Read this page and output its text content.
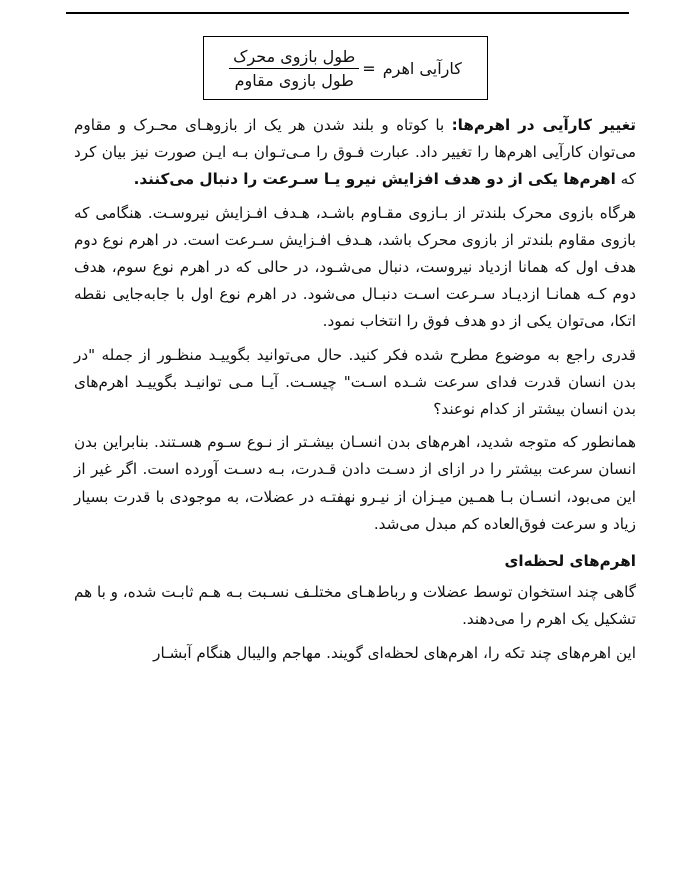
کارآیی اهرم
=
$\frac{\text{طول بازوی محرک}}{\text{طول بازوی مقاوم}}$

تغییر کارآیی در اهرم‌ها: با کوتاه و بلند شدن هر یک از بازوهـای محـرک و مقاوم می‌توان کارآیی اهرم‌ها را تغییر داد. عبارت فـوق را مـی‌تـوان بـه ایـن صورت نیز بیان کرد که اهرم‌ها یکی از دو هدف افزایش نیرو یـا سـرعت را دنبال می‌کنند.

هرگاه بازوی محرک بلندتر از بـازوی مقـاوم باشـد، هـدف افـزایش نیروسـت. هنگامی که بازوی مقاوم بلندتر از بازوی محرک باشد، هـدف افـزایش سـرعت است. در اهرم نوع دوم هدف اول که همانا ازدیاد نیروست، دنبال می‌شـود، در حالی که در اهرم نوع سوم، هدف دوم کـه همانـا ازدیـاد سـرعت اسـت دنبـال می‌شود. در اهرم نوع اول با جابه‌جایی نقطه اتکا، می‌توان یکی از دو هدف فوق را انتخاب نمود.

قدری راجع به موضوع مطرح شده فکر کنید. حال می‌توانید بگوییـد منظـور از جمله "در بدن انسان قدرت فدای سرعت شـده اسـت" چیسـت. آیـا مـی توانیـد بگوییـد اهرم‌های بدن انسان بیشتر از کدام نوعند؟

همانطور که متوجه شدید، اهرم‌های بدن انسـان بیشـتر از نـوع سـوم هسـتند. بنابراین بدن انسان سرعت بیشتر را در ازای از دسـت دادن قـدرت، بـه دسـت آورده است. اگر غیر از این می‌بود، انسـان بـا همـین میـزان از نیـرو نهفتـه در عضلات، به موجودی با قدرت بسیار زیاد و سرعت فوق‌العاده کم مبدل می‌شد.

اهرم‌های لحظه‌ای

گاهی چند استخوان توسط عضلات و رباط‌هـای مختلـف نسـبت بـه هـم ثابـت شده، و با هم تشکیل یک اهرم را می‌دهند.

این اهرم‌های چند تکه را، اهرم‌های لحظه‌ای گویند. مهاجم والیبال هنگام آبشـار
